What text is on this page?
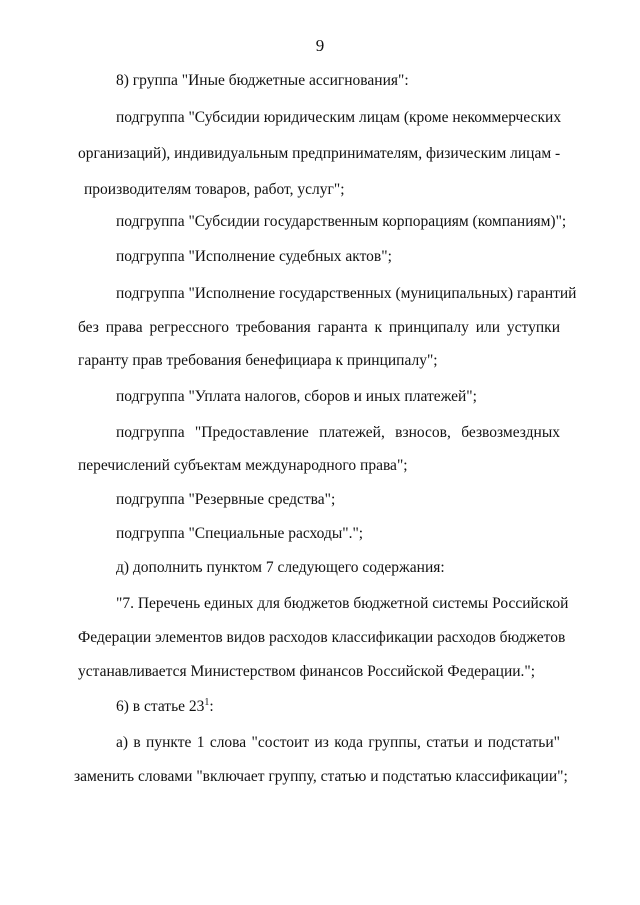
9
8) группа "Иные бюджетные ассигнования":
подгруппа "Субсидии юридическим лицам (кроме некоммерческих
организаций), индивидуальным предпринимателям, физическим лицам -
производителям товаров, работ, услуг";
подгруппа "Субсидии государственным корпорациям (компаниям)";
подгруппа "Исполнение судебных актов";
подгруппа "Исполнение государственных (муниципальных) гарантий
без права регрессного требования гаранта к принципалу или уступки
гаранту прав требования бенефициара к принципалу";
подгруппа "Уплата налогов, сборов и иных платежей";
подгруппа "Предоставление платежей, взносов, безвозмездных
перечислений субъектам международного права";
подгруппа "Резервные средства";
подгруппа "Специальные расходы".";
д) дополнить пунктом 7 следующего содержания:
"7. Перечень единых для бюджетов бюджетной системы Российской
Федерации элементов видов расходов классификации расходов бюджетов
устанавливается Министерством финансов Российской Федерации.";
6) в статье $23^1$:
а) в пункте 1 слова "состоит из кода группы, статьи и подстатьи"
заменить словами "включает группу, статью и подстатью классификации";
